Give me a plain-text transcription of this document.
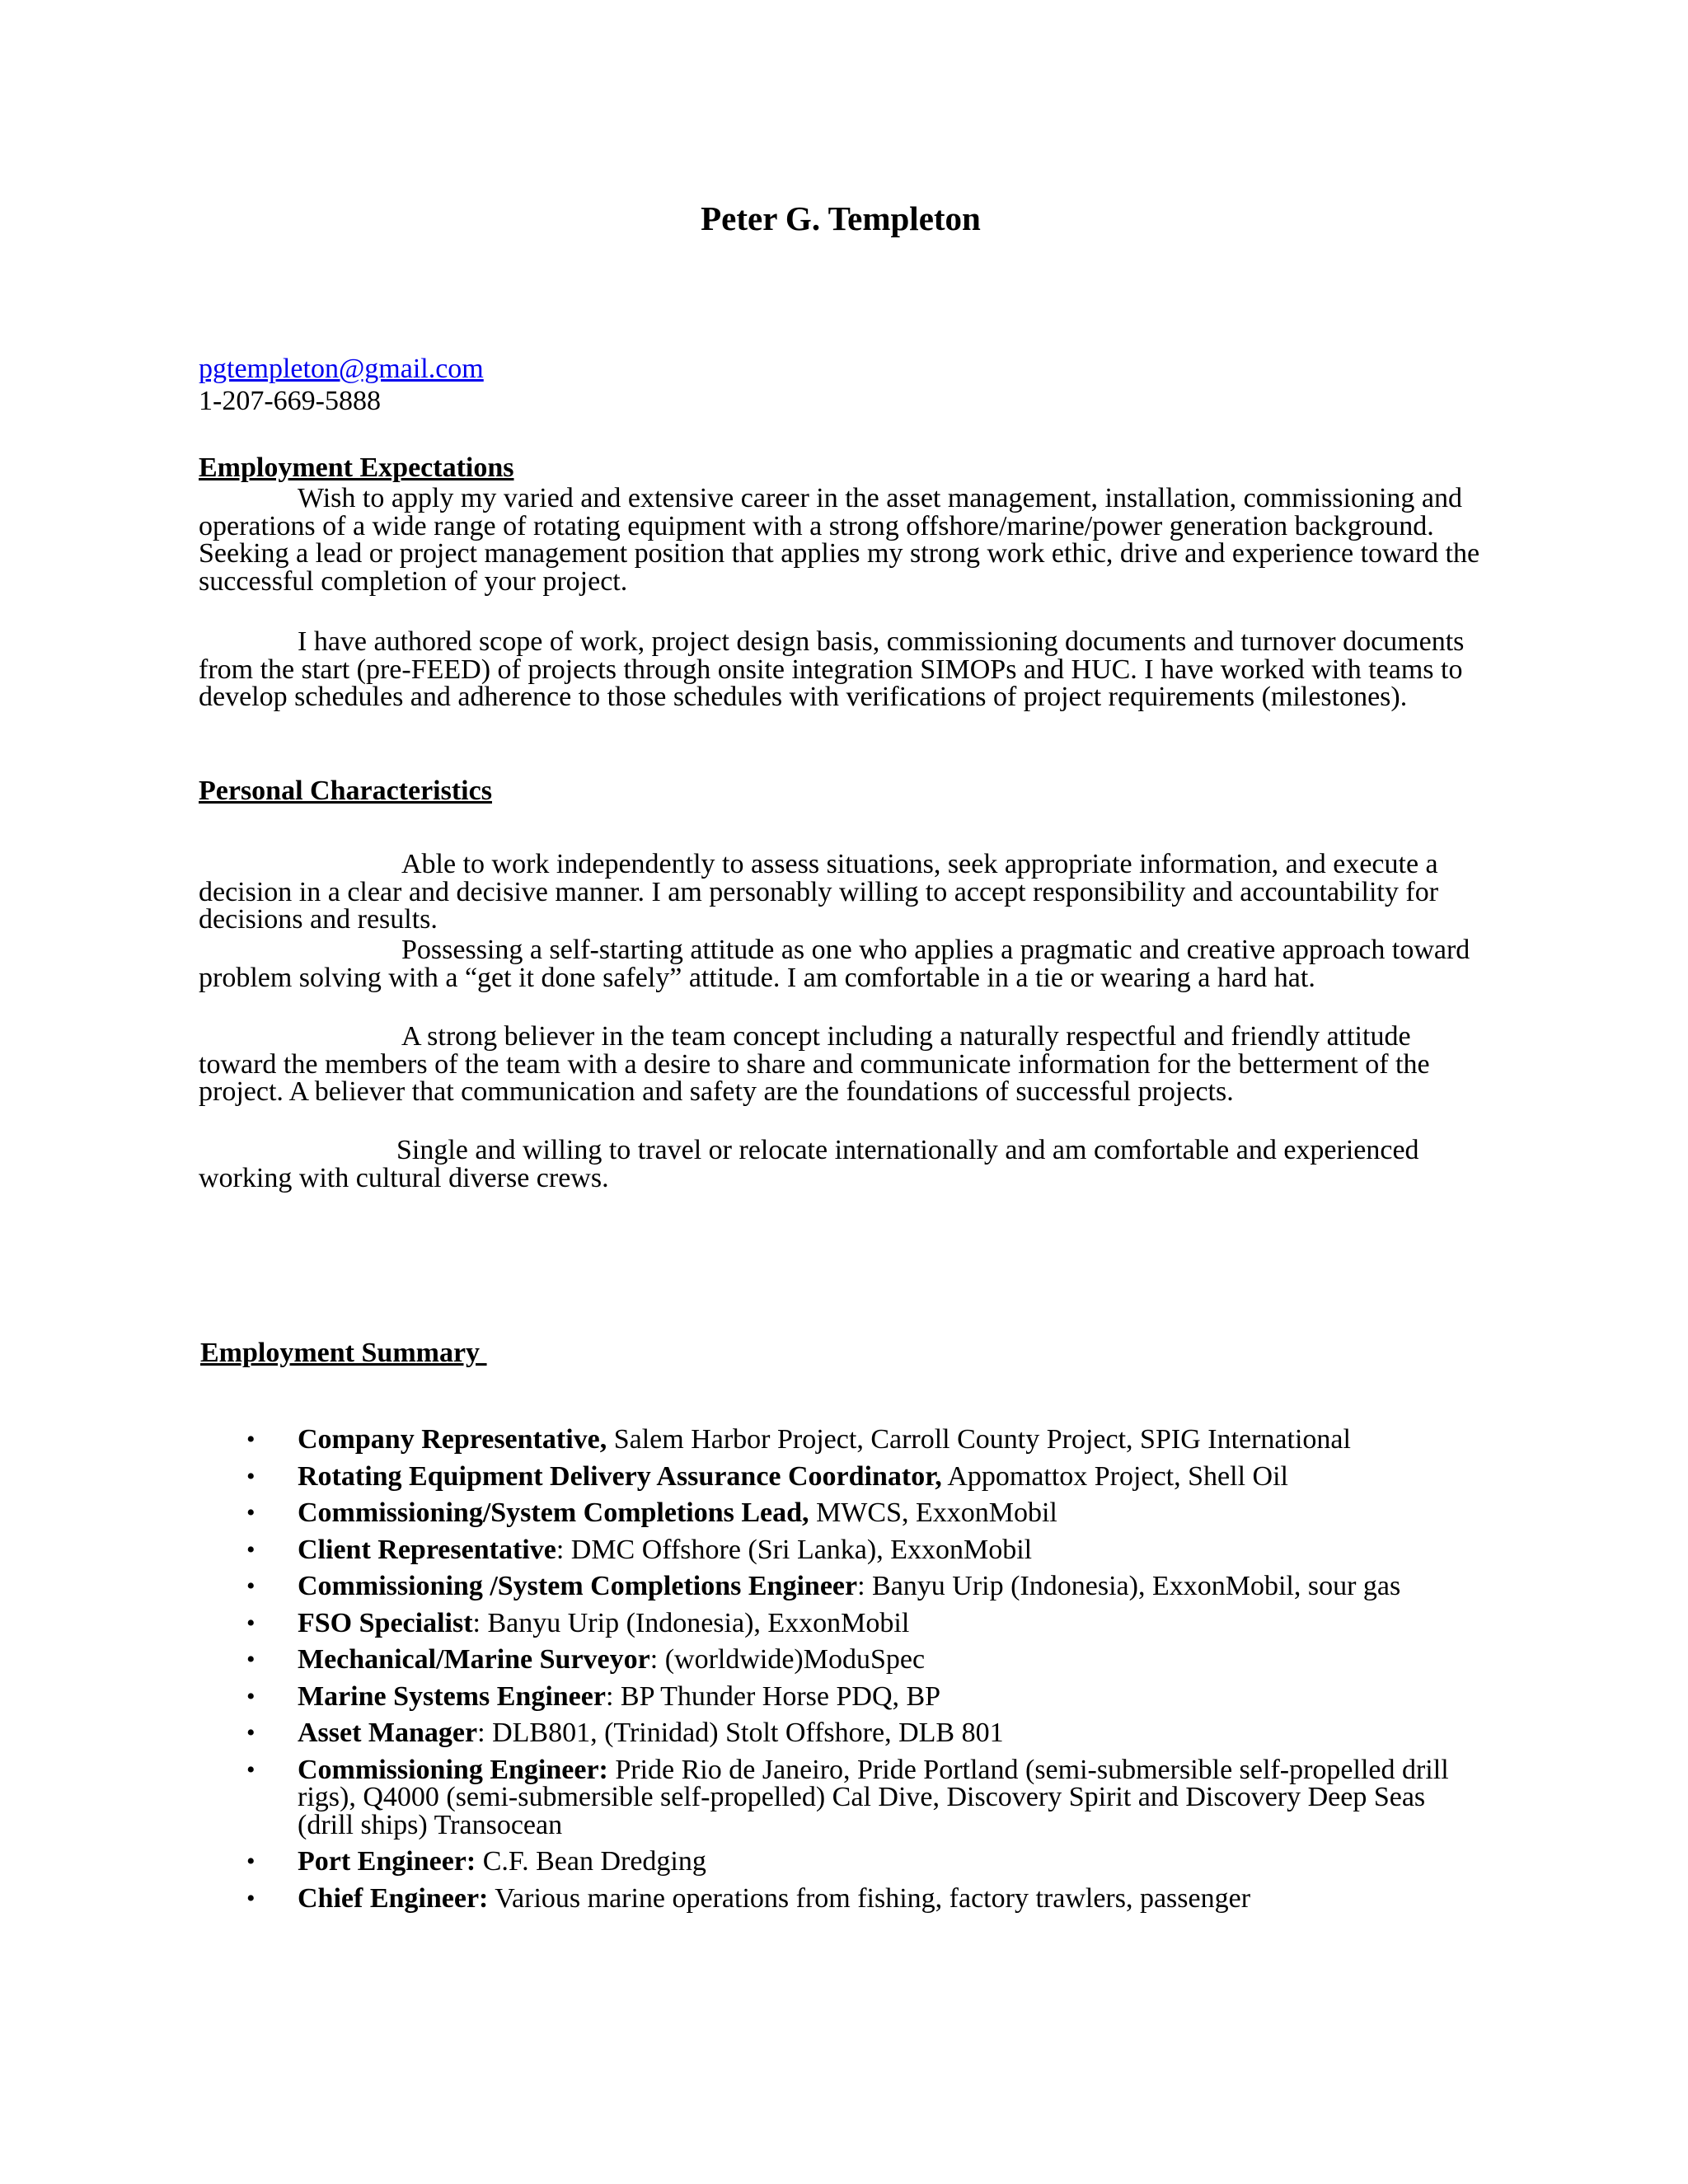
Peter G. Templeton
pgtempleton@gmail.com
1-207-669-5888
Employment Expectations

Wish to apply my varied and extensive career in the asset management, installation, commissioning and operations of a wide range of rotating equipment with a strong offshore/marine/power generation background. Seeking a lead or project management position that applies my strong work ethic, drive and experience toward the successful completion of your project.

I have authored scope of work, project design basis, commissioning documents and turnover documents from the start (pre-FEED) of projects through onsite integration SIMOPs and HUC. I have worked with teams to develop schedules and adherence to those schedules with verifications of project requirements (milestones).

Personal Characteristics

Able to work independently to assess situations, seek appropriate information, and execute a decision in a clear and decisive manner. I am personably willing to accept responsibility and accountability for decisions and results.

Possessing a self-starting attitude as one who applies a pragmatic and creative approach toward problem solving with a “get it done safely” attitude. I am comfortable in a tie or wearing a hard hat.

A strong believer in the team concept including a naturally respectful and friendly attitude toward the members of the team with a desire to share and communicate information for the betterment of the project. A believer that communication and safety are the foundations of successful projects.

Single and willing to travel or relocate internationally and am comfortable and experienced working with cultural diverse crews.

Employment Summary
• Company Representative, Salem Harbor Project, Carroll County Project, SPIG International
• Rotating Equipment Delivery Assurance Coordinator, Appomattox Project, Shell Oil
• Commissioning/System Completions Lead, MWCS, ExxonMobil
• Client Representative: DMC Offshore (Sri Lanka), ExxonMobil
• Commissioning /System Completions Engineer: Banyu Urip (Indonesia), ExxonMobil, sour gas
• FSO Specialist: Banyu Urip (Indonesia), ExxonMobil
• Mechanical/Marine Surveyor: (worldwide)ModuSpec
• Marine Systems Engineer: BP Thunder Horse PDQ, BP
• Asset Manager: DLB801, (Trinidad) Stolt Offshore, DLB 801
• Commissioning Engineer: Pride Rio de Janeiro, Pride Portland (semi-submersible self-propelled drill rigs), Q4000 (semi-submersible self-propelled) Cal Dive, Discovery Spirit and Discovery Deep Seas (drill ships) Transocean
• Port Engineer: C.F. Bean Dredging
• Chief Engineer: Various marine operations from fishing, factory trawlers, passenger
